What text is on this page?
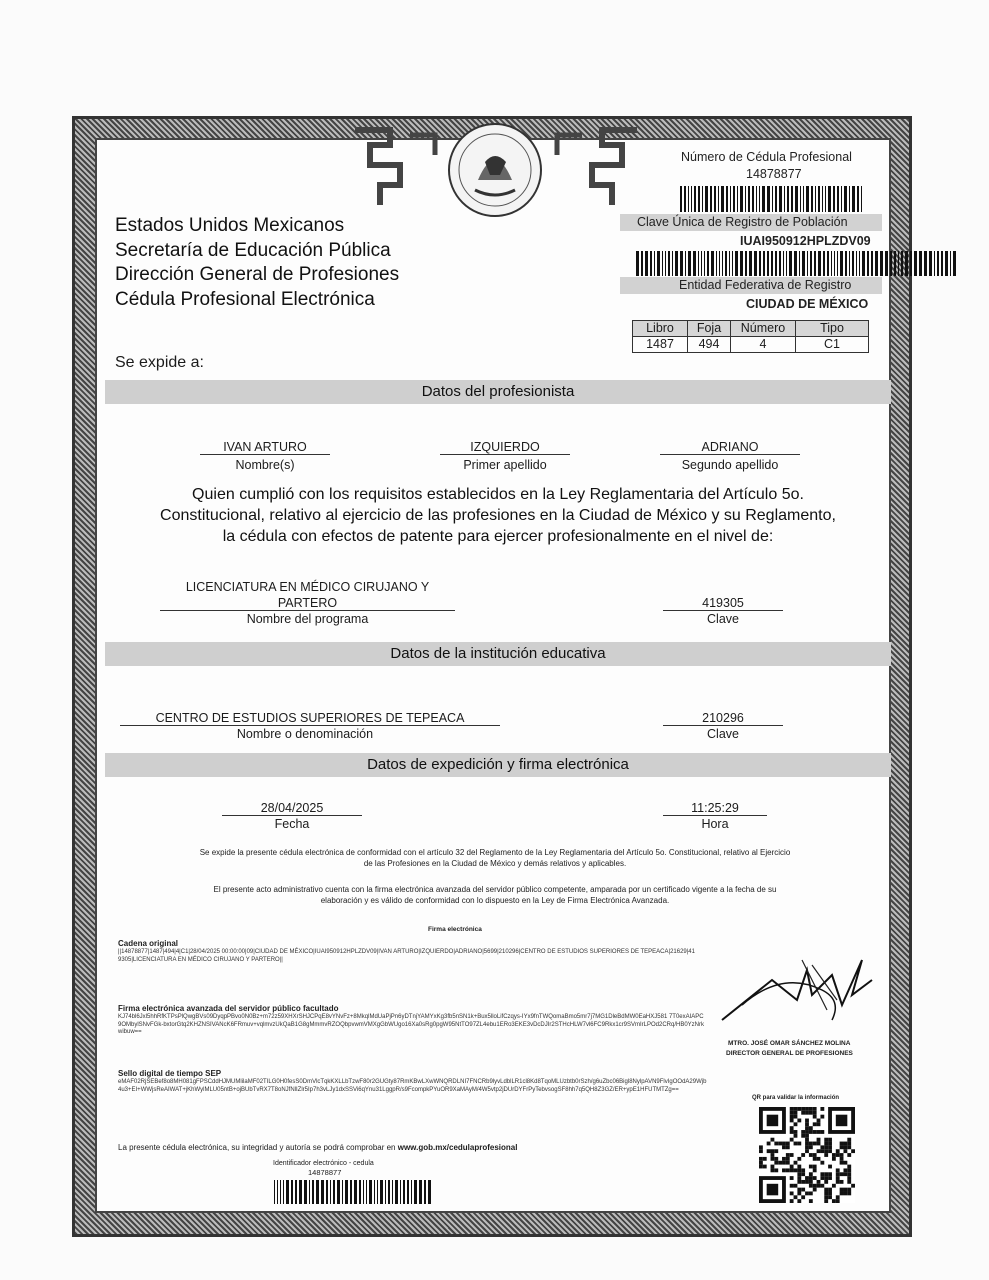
Estados Unidos Mexicanos
Secretaría de Educación Pública
Dirección General de Profesiones
Cédula Profesional Electrónica
Número de Cédula Profesional
14878877
Clave Única de Registro de Población
IUAI950912HPLZDV09
Entidad Federativa de Registro
CIUDAD DE MÉXICO
Libro	Foja	Número	Tipo
1487	494	4	C1
Se expide a:
Datos del profesionista
IVAN ARTURO
Nombre(s)
IZQUIERDO
Primer apellido
ADRIANO
Segundo apellido
Quien cumplió con los requisitos establecidos en la Ley Reglamentaria del Artículo 5o.
Constitucional, relativo al ejercicio de las profesiones en la Ciudad de México y su Reglamento,
la cédula con efectos de patente para ejercer profesionalmente en el nivel de:
LICENCIATURA EN MÉDICO CIRUJANO Y
PARTERO
Nombre del programa
419305
Clave
Datos de la institución educativa
CENTRO DE ESTUDIOS SUPERIORES DE TEPEACA
Nombre o denominación
210296
Clave
Datos de expedición y firma electrónica
28/04/2025
Fecha
11:25:29
Hora
Se expide la presente cédula electrónica de conformidad con el artículo 32 del Reglamento de la Ley Reglamentaria del Artículo 5o. Constitucional, relativo al Ejercicio
de las Profesiones en la Ciudad de México y demás relativos y aplicables.
El presente acto administrativo cuenta con la firma electrónica avanzada del servidor público competente, amparada por un certificado vigente a la fecha de su
elaboración y es válido de conformidad con lo dispuesto en la Ley de Firma Electrónica Avanzada.
Firma electrónica
Cadena original
||14878877|1487|494|4|C1|28/04/2025 00:00:00|09|CIUDAD DE MÉXICO|IUAI950912HPLZDV09|IVAN ARTURO|IZQUIERDO|ADRIANO|5699|210296|CENTRO DE ESTUDIOS SUPERIORES DE TEPEACA|21629|419305|LICENCIATURA EN MÉDICO CIRUJANO Y PARTERO||
Firma electrónica avanzada del servidor público facultado
KJ74bl6Jxl5hhRfKTPsPlQwgBVs09DyqpPBvo0N0Bz+m72z59XHXrSHJCPqE8vYNvFz+8MkqlMdUaPjPn6yDTnjYAMYxKg3fb5nSN1k+Bux5lloLifCzqys-IYx9fnTWQomaBmo5mr7j7MG1DleBdMW0EaHXJ581 7T0exAIAPC9OMbylSNvFGk-bxtorGtq2KHZNSIVANcK6FRmuv+vqlmvzUkQaB1G8gMmmvRZOQbpvwmVMXgGbWUgo16Xa0sRg0pgW95NtTO97ZL4ebu1ERo3EKE3vDcDJIr2STHcHLW7vl6FC9Rkx1cr9SVmIrLPOd2CRq/HB0YzNrkwibuw==
MTRO. JOSÉ OMAR SÁNCHEZ MOLINA
DIRECTOR GENERAL DE PROFESIONES
Sello digital de tiempo SEP
eMAF02RjSEBef8o8MH081gFPSCddHJMUMlilaMF02TILG0H0fesS0DmVlcTqkKXLLbTzwF80r2GUGty87RmKBwLXwWNQRDLNI7FNCRb9lyvLdblLR1cl8Kd8TqoMLUzbtb0rSzh/g6uZbc06Bigl8NylpAVN9FlvIgOOdA29Wjb4u3+EI+WWjsReAIWAT+jKhWylMLU05ntB+ojBUbTvRX7T8oNJfNlIZlr5Ip7h3vLJy1dxSSVi6qYnu31LggpR/s9FcompkPYuOR9XaMAyM/4W5vtp2jDUrDYFrPyTebvsogSF8hh7q5QH8Z3GZ/ER+ypE1HFUTMTZg==
QR para validar la información
La presente cédula electrónica, su integridad y autoría se podrá comprobar en www.gob.mx/cedulaprofesional
Identificador electrónico - cedula
14878877
